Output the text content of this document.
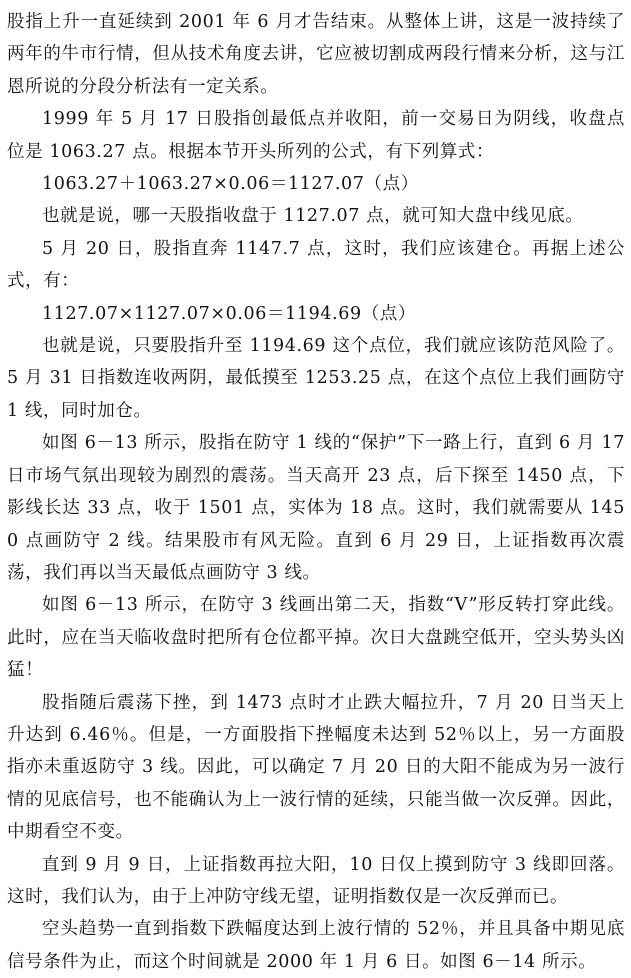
股指上升一直延续到 2001 年 6 月才告结束。从整体上讲，这是一波持续了两年的牛市行情，但从技术角度去讲，它应被切割成两段行情来分析，这与江恩所说的分段分析法有一定关系。

1999 年 5 月 17 日股指创最低点并收阳，前一交易日为阴线，收盘点位是 1063.27 点。根据本节开头所列的公式，有下列算式：

1063.27＋1063.27×0.06＝1127.07（点）

也就是说，哪一天股指收盘于 1127.07 点，就可知大盘中线见底。

5 月 20 日，股指直奔 1147.7 点，这时，我们应该建仓。再据上述公式，有：

1127.07×1127.07×0.06＝1194.69（点）

也就是说，只要股指升至 1194.69 这个点位，我们就应该防范风险了。5 月 31 日指数连收两阴，最低摸至 1253.25 点，在这个点位上我们画防守 1 线，同时加仓。

如图 6－13 所示，股指在防守 1 线的“保护”下一路上行，直到 6 月 17 日市场气氛出现较为剧烈的震荡。当天高开 23 点，后下探至 1450 点，下影线长达 33 点，收于 1501 点，实体为 18 点。这时，我们就需要从 1450 点画防守 2 线。结果股市有风无险。直到 6 月 29 日，上证指数再次震荡，我们再以当天最低点画防守 3 线。

如图 6－13 所示，在防守 3 线画出第二天，指数“V”形反转打穿此线。此时，应在当天临收盘时把所有仓位都平掉。次日大盘跳空低开，空头势头凶猛！

股指随后震荡下挫，到 1473 点时才止跌大幅拉升，7 月 20 日当天上升达到 6.46％。但是，一方面股指下挫幅度未达到 52％以上，另一方面股指亦未重返防守 3 线。因此，可以确定 7 月 20 日的大阳不能成为另一波行情的见底信号，也不能确认为上一波行情的延续，只能当做一次反弹。因此，中期看空不变。

直到 9 月 9 日，上证指数再拉大阳，10 日仅上摸到防守 3 线即回落。这时，我们认为，由于上冲防守线无望，证明指数仅是一次反弹而已。

空头趋势一直到指数下跌幅度达到上波行情的 52％，并且具备中期见底信号条件为止，而这个时间就是 2000 年 1 月 6 日。如图 6－14 所示。
